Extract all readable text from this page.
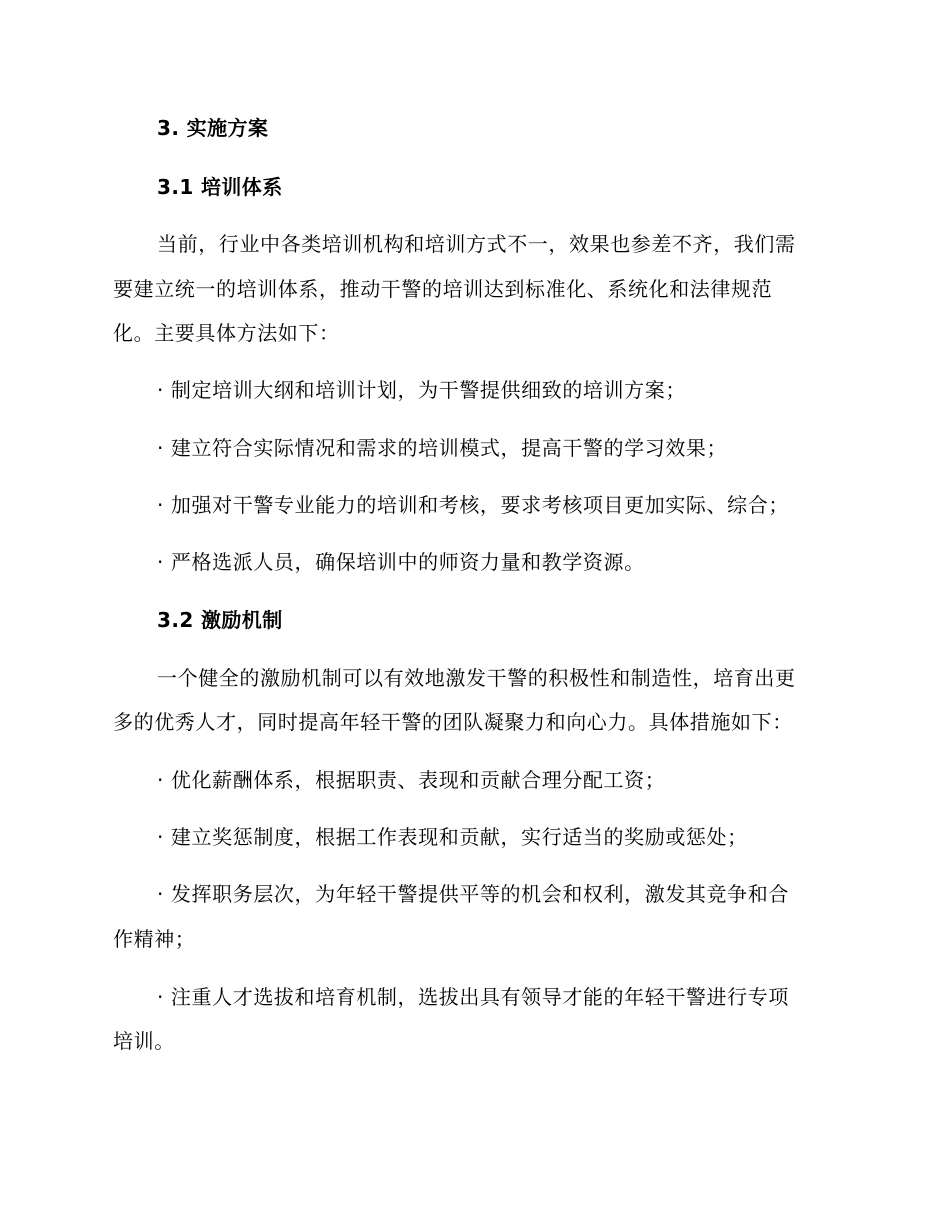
3. 实施方案
3.1 培训体系
当前，行业中各类培训机构和培训方式不一，效果也参差不齐，我们需
要建立统一的培训体系，推动干警的培训达到标准化、系统化和法律规范
化。主要具体方法如下：
· 制定培训大纲和培训计划，为干警提供细致的培训方案；
· 建立符合实际情况和需求的培训模式，提高干警的学习效果；
· 加强对干警专业能力的培训和考核，要求考核项目更加实际、综合；
· 严格选派人员，确保培训中的师资力量和教学资源。
3.2 激励机制
一个健全的激励机制可以有效地激发干警的积极性和制造性，培育出更
多的优秀人才，同时提高年轻干警的团队凝聚力和向心力。具体措施如下：
· 优化薪酬体系，根据职责、表现和贡献合理分配工资；
· 建立奖惩制度，根据工作表现和贡献，实行适当的奖励或惩处；
· 发挥职务层次，为年轻干警提供平等的机会和权利，激发其竞争和合
作精神；
· 注重人才选拔和培育机制，选拔出具有领导才能的年轻干警进行专项
培训。
